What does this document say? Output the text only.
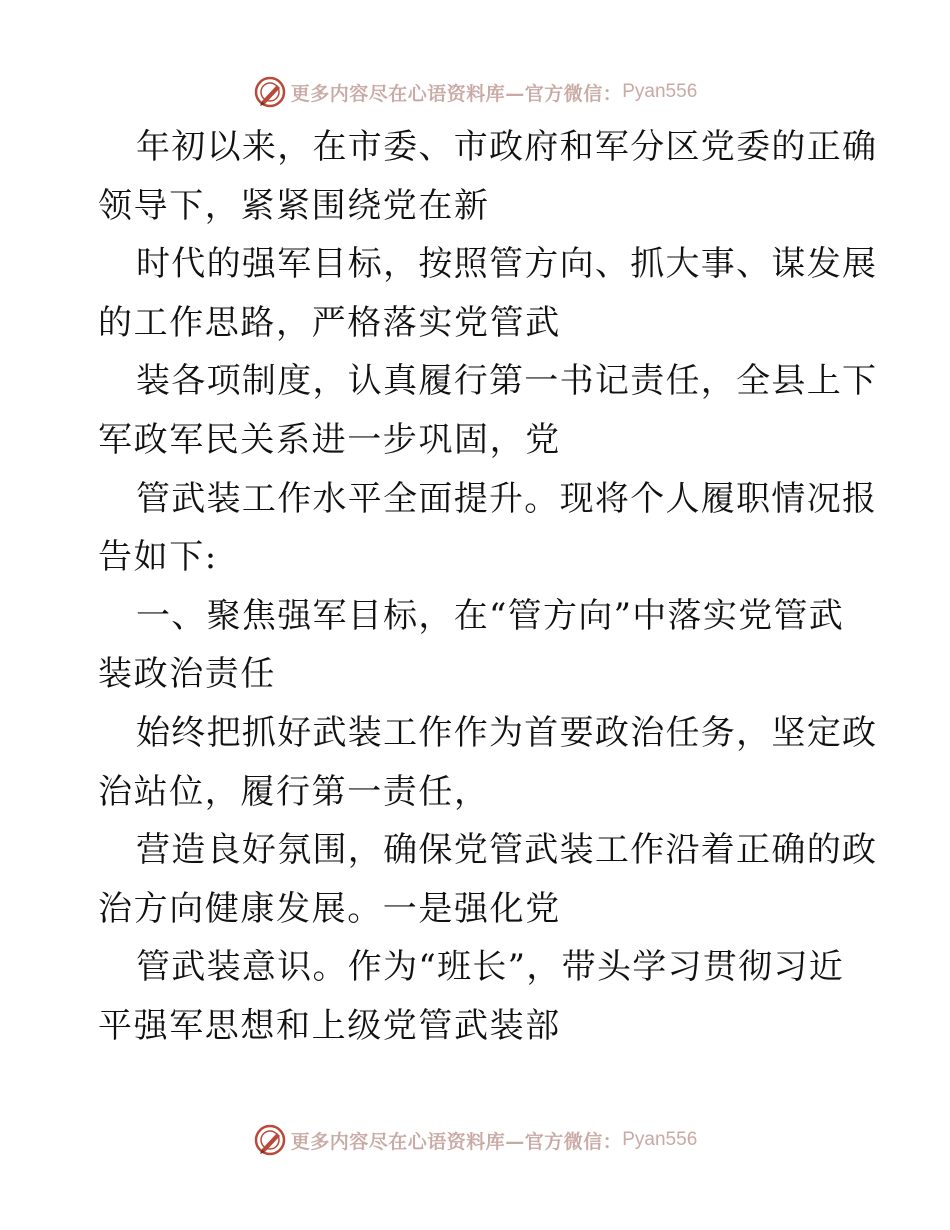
更多内容尽在心语资料库—官方微信： Pyan556
年初以来，在市委、市政府和军分区党委的正确
领导下，紧紧围绕党在新
时代的强军目标，按照管方向、抓大事、谋发展
的工作思路，严格落实党管武
装各项制度，认真履行第一书记责任，全县上下
军政军民关系进一步巩固，党
管武装工作水平全面提升。现将个人履职情况报
告如下:
一、聚焦强军目标，在“管方向”中落实党管武
装政治责任
始终把抓好武装工作作为首要政治任务，坚定政
治站位，履行第一责任，
营造良好氛围，确保党管武装工作沿着正确的政
治方向健康发展。一是强化党
管武装意识。作为“班长”，带头学习贯彻习近
平强军思想和上级党管武装部
更多内容尽在心语资料库—官方微信： Pyan556
